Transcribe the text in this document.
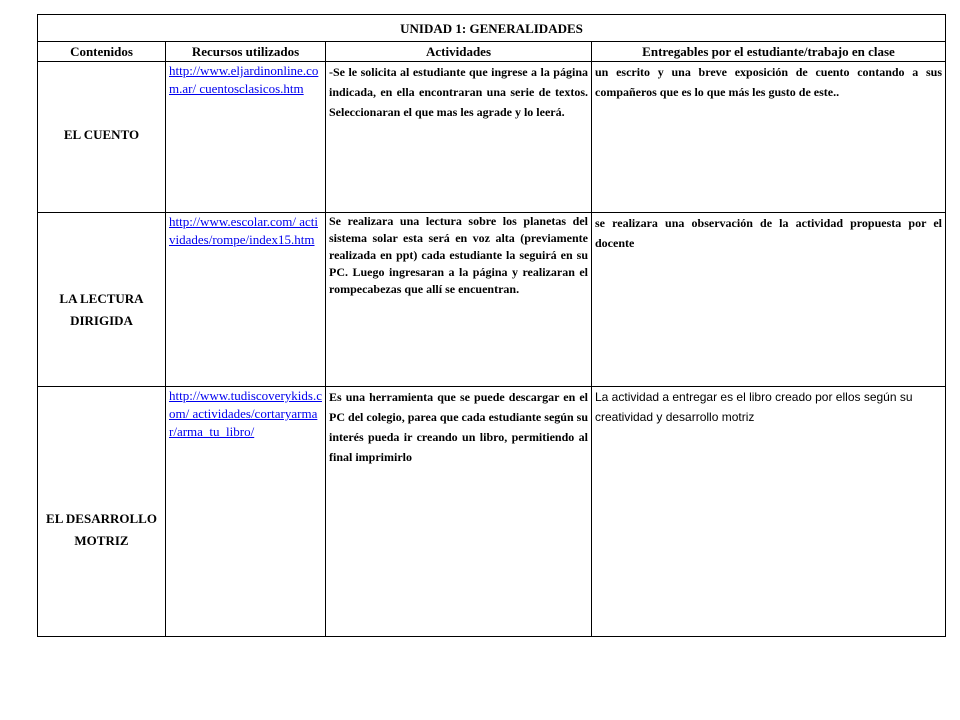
UNIDAD 1: GENERALIDADES			
Contenidos	Recursos utilizados	Actividades	Entregables por el estudiante/trabajo en clase
EL CUENTO	http://www.eljardinonline.com.ar/ cuentosclasicos.htm	-Se le solicita al estudiante que ingrese a la página indicada, en ella encontraran una serie de textos. Seleccionaran el que mas les agrade y lo leerá.	un escrito y una breve exposición de cuento contando a sus compañeros que es lo que más les gusto de este..
LA LECTURA DIRIGIDA	http://www.escolar.com/ actividades/rompe/index15.htm	Se realizara una lectura sobre los planetas del sistema solar esta será en voz alta (previamente realizada en ppt) cada estudiante la seguirá en su PC. Luego ingresaran a la página y realizaran el rompecabezas que allí se encuentran.	se realizara una observación de la actividad propuesta por el docente
EL DESARROLLO MOTRIZ	http://www.tudiscoverykids.com/ actividades/cortaryarmar/arma_tu_libro/	Es una herramienta que se puede descargar en el PC del colegio, parea que cada estudiante según su interés pueda ir creando un libro, permitiendo al final imprimirlo	La actividad a entregar es el libro creado por ellos según su creatividad y desarrollo motriz
